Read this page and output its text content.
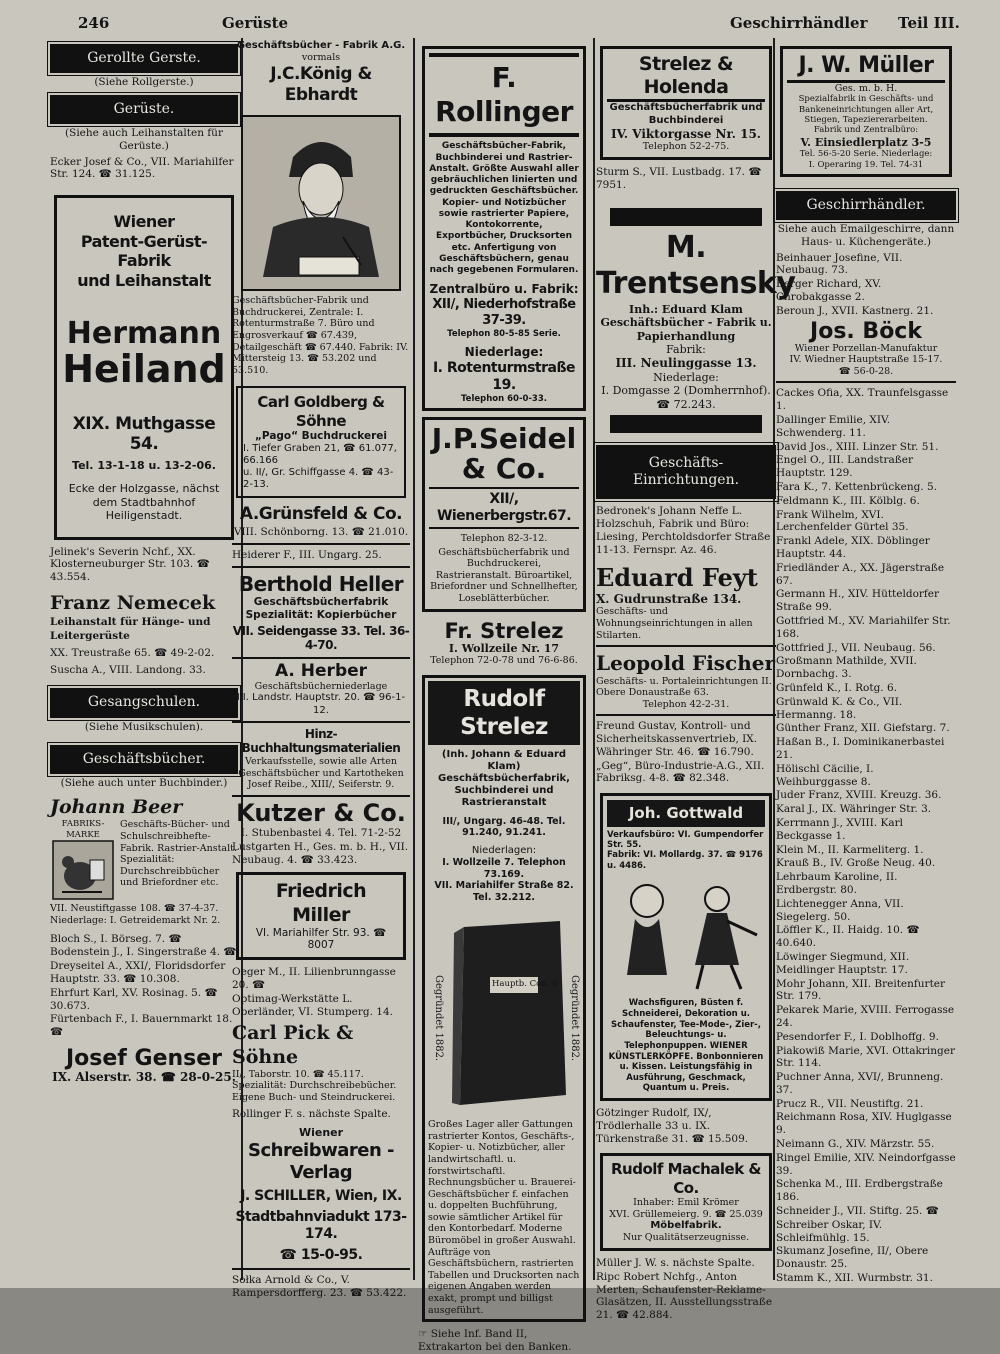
246	Gerüste	Geschirrhändler Teil III.
Gerollte Gerste.
(Siehe Rollgerste.)
Gerüste.
(Siehe auch Leihanstalten für Gerüste.)
Ecker Josef & Co., VII. Mariahilfer Str. 124. ☎ 31.125.
Wiener
Patent-Gerüst-Fabrik
und Leihanstalt
Hermann
Heiland
XIX. Muthgasse 54.
Tel. 13-1-18 u. 13-2-06.
Ecke der Holzgasse, nächst dem Stadtbahnhof Heiligenstadt.
Jelinek's Severin Nchf., XX. Klosterneuburger Str. 103. ☎ 43.554.
Franz Nemecek
Leihanstalt für Hänge- und
Leitergerüste
XX. Treustraße 65. ☎ 49-2-02.
Suscha A., VIII. Landong. 33.
Gesangschulen.
(Siehe Musikschulen).
Geschäftsbücher.
(Siehe auch unter Buchbinder.)
Johann Beer
FABRIKS-MARKE
Geschäfts-Bücher- und Schulschreibhefte-Fabrik. Rastrier-Anstalt. Spezialität: Durchschreibbücher und Briefordner etc.
VII. Neustiftgasse 108. ☎ 37-4-37. Niederlage: I. Getreidemarkt Nr. 2.
Bloch S., I. Börseg. 7. ☎
Bodenstein J., I. Singerstraße 4. ☎
Dreyseitel A., XXI/, Floridsdorfer Hauptstr. 33. ☎ 10.308.
Ehrfurt Karl, XV. Rosinag. 5. ☎ 30.673.
Fürtenbach F., I. Bauernmarkt 18. ☎
Josef Genser
IX. Alserstr. 38. ☎ 28-0-25.
Geschäftsbücher - Fabrik A.G.
vormals
J.C.König & Ebhardt
Geschäftsbücher-Fabrik und Buchdruckerei, Zentrale: I. Rotenturmstraße 7. Büro und Engrosverkauf ☎ 67.439, Detailgeschäft ☎ 67.440. Fabrik: IV. Mittersteig 13. ☎ 53.202 und 53.510.
Carl Goldberg & Söhne
„Pago“ Buchdruckerei
I. Tiefer Graben 21, ☎ 61.077, 66.166
u. II/, Gr. Schiffgasse 4. ☎ 43-2-13.
A.Grünsfeld & Co.
VIII. Schönborng. 13. ☎ 21.010.
Heiderer F., III. Ungarg. 25.
Berthold Heller
Geschäftsbücherfabrik
Spezialität: Kopierbücher
VII. Seidengasse 33. Tel. 36-4-70.
A. Herber
Geschäftsbücherniederlage
III. Landstr. Hauptstr. 20. ☎ 96-1-12.
Hinz-Buchhaltungsmaterialien
Verkaufsstelle, sowie alle Arten Geschäftsbücher und Kartotheken Josef Reibe., XIII/, Seiferstr. 9.
Kutzer & Co.
I. Stubenbastei 4. Tel. 71-2-52
Lustgarten H., Ges. m. b. H., VII. Neubaug. 4. ☎ 33.423.
Friedrich Miller
VI. Mariahilfer Str. 93. ☎ 8007
Oeger M., II. Lilienbrunngasse 20. ☎
Optimag-Werkstätte L. Oberländer, VI. Stumperg. 14.
Carl Pick & Söhne
II/, Taborstr. 10. ☎ 45.117. Spezialität: Durchschreibebücher. Eigene Buch- und Steindruckerei.
Rollinger F. s. nächste Spalte.
Wiener
Schreibwaren - Verlag
J. SCHILLER, Wien, IX.
Stadtbahnviadukt 173-174.
☎ 15-0-95.
Sołka Arnold & Co., V. Rampersdorfferg. 23. ☎ 53.422.
F. Rollinger
Geschäftsbücher-Fabrik, Buchbinderei und Rastrier-Anstalt. Größte Auswahl aller gebräuchlichen linierten und gedruckten Geschäftsbücher. Kopier- und Notizbücher sowie rastrierter Papiere, Kontokorrente, Exportbücher, Drucksorten etc. Anfertigung von Geschäftsbüchern, genau nach gegebenen Formularen.
Zentralbüro u. Fabrik:
XII/, Niederhofstraße 37-39.
Telephon 80-5-85 Serie.
Niederlage:
I. Rotenturmstraße 19.
Telephon 60-0-33.
J.P.Seidel
& Co.
XII/, Wienerbergstr.67.
Telephon 82-3-12.
Geschäftsbücherfabrik und Buchdruckerei, Rastrieranstalt. Büroartikel, Briefordner und Schnellhefter, Loseblätterbücher.
Fr. Strelez
I. Wollzeile Nr. 17
Telephon 72-0-78 und 76-6-86.
Rudolf Strelez
(Inh. Johann & Eduard Klam) Geschäftsbücherfabrik, Suchbinderei und Rastrieranstalt
III/, Ungarg. 46-48. Tel. 91.240, 91.241.
Niederlagen:
I. Wollzeile 7. Telephon 73.169.
VII. Mariahilfer Straße 82. Tel. 32.212.
Gegründet 1882.	Gegründet 1882.
Hauptb. Con. 6
Großes Lager aller Gattungen rastrierter Kontos, Geschäfts-, Kopier- u. Notizbücher, aller landwirtschaftl. u. forstwirtschaftl. Rechnungsbücher u. Brauerei-Geschäftsbücher f. einfachen u. doppelten Buchführung, sowie sämtlicher Artikel für den Kontorbedarf. Moderne Büromöbel in großer Auswahl. Aufträge von Geschäftsbüchern, rastrierten Tabellen und Drucksorten nach eigenen Angaben werden exakt, prompt und billigst ausgeführt.
☞ Siehe Inf. Band II, Extrakarton bei den Banken.
Strelez & Holenda
Geschäftsbücherfabrik und Buchbinderei
IV. Viktorgasse Nr. 15.
Telephon 52-2-75.
Sturm S., VII. Lustbadg. 17. ☎ 7951.
M. Trentsensky
Inh.: Eduard Klam
Geschäftsbücher - Fabrik u. Papierhandlung
Fabrik:
III. Neulinggasse 13.
Niederlage:
I. Domgasse 2 (Domherrnhof).
☎ 72.243.
Geschäfts-Einrichtungen.
Bedronek's Johann Neffe L. Holzschuh, Fabrik und Büro: Liesing, Perchtoldsdorfer Straße 11-13. Fernspr. Az. 46.
Eduard Feyt
X. Gudrunstraße 134.
Geschäfts- und Wohnungseinrichtungen in allen Stilarten.
Leopold Fischer
Geschäfts- u. Portaleinrichtungen II. Obere Donaustraße 63.
Telephon 42-2-31.
Freund Gustav, Kontroll- und Sicherheitskassenvertrieb, IX. Währinger Str. 46. ☎ 16.790.
„Geg“, Büro-Industrie-A.G., XII. Fabriksg. 4-8. ☎ 82.348.
Joh. Gottwald
Verkaufsbüro: VI. Gumpendorfer Str. 55.
Fabrik: VI. Mollardg. 37. ☎ 9176 u. 4486.
Wachsfiguren, Büsten f. Schneiderei, Dekoration u. Schaufenster, Tee-Mode-, Zier-, Beleuchtungs- u. Telephonpuppen. WIENER KÜNSTLERKÖPFE. Bonbonnieren u. Kissen. Leistungsfähig in Ausführung, Geschmack, Quantum u. Preis.
Götzinger Rudolf, IX/, Trödlerhalle 33 u. IX. Türkenstraße 31. ☎ 15.509.
Rudolf Machalek & Co.
Inhaber: Emil Krömer
XVI. Grüllemeierg. 9. ☎ 25.039
Möbelfabrik.
Nur Qualitätserzeugnisse.
Müller J. W. s. nächste Spalte.
Ripc Robert Nchfg., Anton Merten, Schaufenster-Reklame-Glasätzen, II. Ausstellungsstraße 21. ☎ 42.884.
J. W. Müller
Ges. m. b. H.
Spezialfabrik in Geschäfts- und Bankeneinrichtungen aller Art, Stiegen, Tapeziererarbeiten.
Fabrik und Zentralbüro:
V. Einsiedlerplatz 3-5
Tel. 56-5-20 Serie. Niederlage:
I. Operaring 19. Tel. 74-31
Geschirrhändler.
Siehe auch Emailgeschirre, dann Haus- u. Küchengeräte.)
Beinhauer Josefine, VII. Neubaug. 73.
Berger Richard, XV. Chrobakgasse 2.
Beroun J., XVII. Kastnerg. 21.
Jos. Böck
Wiener Porzellan-Manufaktur
IV. Wiedner Hauptstraße 15-17.
☎ 56-0-28.
Cackes Ofia, XX. Traunfelsgasse 1.
Dallinger Emilie, XIV. Schwenderg. 11.
David Jos., XIII. Linzer Str. 51.
Engel O., III. Landstraßer Hauptstr. 129.
Fara K., 7. Kettenbrückeng. 5.
Feldmann K., III. Kölblg. 6.
Frank Wilhelm, XVI. Lerchenfelder Gürtel 35.
Frankl Adele, XIX. Döblinger Hauptstr. 44.
Friedländer A., XX. Jägerstraße 67.
Germann H., XIV. Hütteldorfer Straße 99.
Gottfried M., XV. Mariahilfer Str. 168.
Gottfried J., VII. Neubaug. 56.
Großmann Mathilde, XVII. Dornbachg. 3.
Grünfeld K., I. Rotg. 6.
Grünwald K. & Co., VII. Hermanng. 18.
Günther Franz, XII. Giefstarg. 7.
Haßan B., I. Dominikanerbastei 21.
Hölischl Cäcilie, I. Weihburggasse 8.
Juder Franz, XVIII. Kreuzg. 36.
Karal J., IX. Währinger Str. 3.
Kerrmann J., XVIII. Karl Beckgasse 1.
Klein M., II. Karmeliterg. 1.
Krauß B., IV. Große Neug. 40.
Lehrbaum Karoline, II. Erdbergstr. 80.
Lichtenegger Anna, VII. Siegelerg. 50.
Löffler K., II. Haidg. 10. ☎ 40.640.
Löwinger Siegmund, XII. Meidlinger Hauptstr. 17.
Mohr Johann, XII. Breitenfurter Str. 179.
Pekarek Marie, XVIII. Ferrogasse 24.
Pesendorfer F., I. Doblhoffg. 9.
Piakowiß Marie, XVI. Ottakringer Str. 114.
Puchner Anna, XVI/, Brunneng. 37.
Prucz R., VII. Neustiftg. 21.
Reichmann Rosa, XIV. Huglgasse 9.
Neimann G., XIV. Märzstr. 55.
Ringel Emilie, XIV. Neindorfgasse 39.
Schenka M., III. Erdbergstraße 186.
Schneider J., VII. Stiftg. 25. ☎
Schreiber Oskar, IV. Schleifmühlg. 15.
Skumanz Josefine, II/, Obere Donaustr. 25.
Stamm K., XII. Wurmbstr. 31.
